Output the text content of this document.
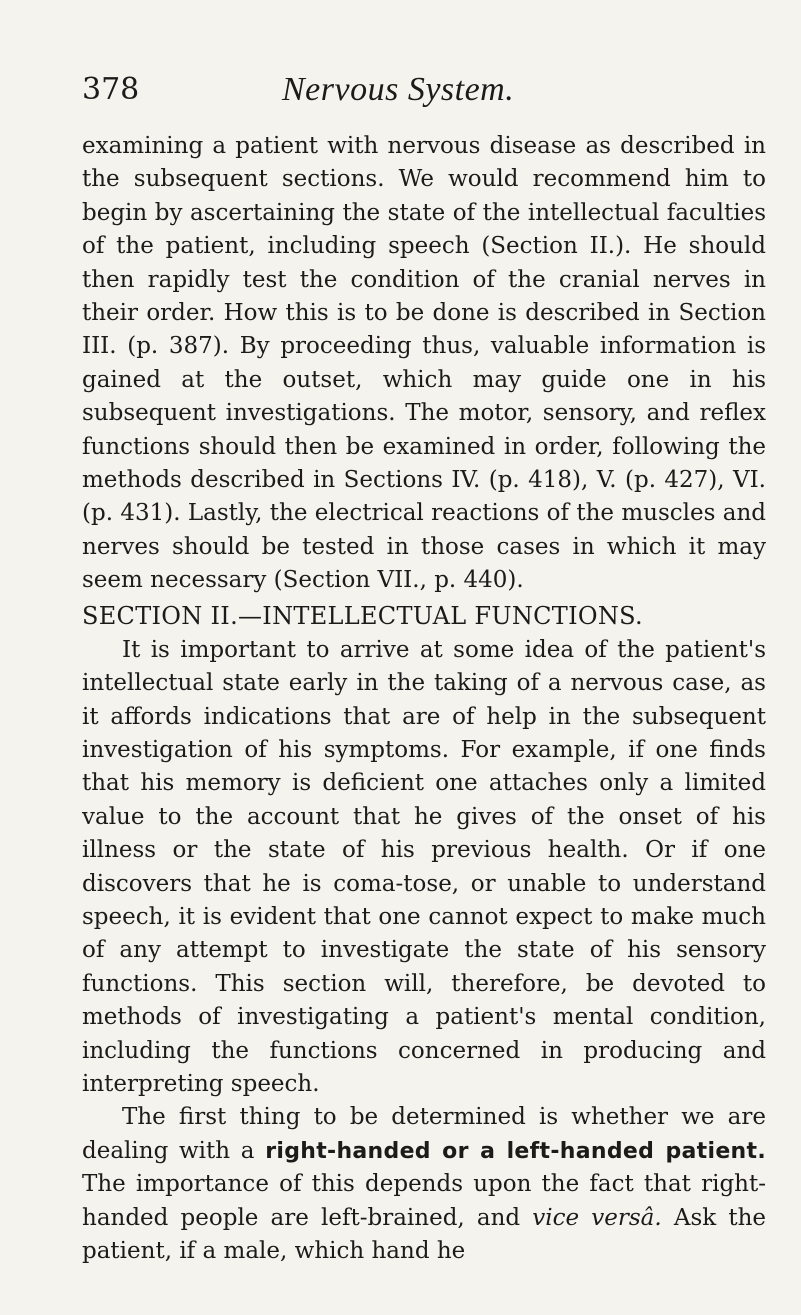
378	Nervous System.

examining a patient with nervous disease as described in the subsequent sections. We would recommend him to begin by ascertaining the state of the intellectual faculties of the patient, including speech (Section II.). He should then rapidly test the condition of the cranial nerves in their order. How this is to be done is described in Section III. (p. 387). By proceeding thus, valuable information is gained at the outset, which may guide one in his subsequent investigations. The motor, sensory, and reflex functions should then be examined in order, following the methods described in Sections IV. (p. 418), V. (p. 427), VI. (p. 431). Lastly, the electrical reactions of the muscles and nerves should be tested in those cases in which it may seem necessary (Section VII., p. 440).

SECTION II.—INTELLECTUAL FUNCTIONS.

It is important to arrive at some idea of the patient's intellectual state early in the taking of a nervous case, as it affords indications that are of help in the subsequent investigation of his symptoms. For example, if one finds that his memory is deficient one attaches only a limited value to the account that he gives of the onset of his illness or the state of his previous health. Or if one discovers that he is coma-tose, or unable to understand speech, it is evident that one cannot expect to make much of any attempt to investigate the state of his sensory functions. This section will, therefore, be devoted to methods of investigating a patient's mental condition, including the functions concerned in producing and interpreting speech.

The first thing to be determined is whether we are dealing with a right-handed or a left-handed patient. The importance of this depends upon the fact that right-handed people are left-brained, and vice versâ. Ask the patient, if a male, which hand he
